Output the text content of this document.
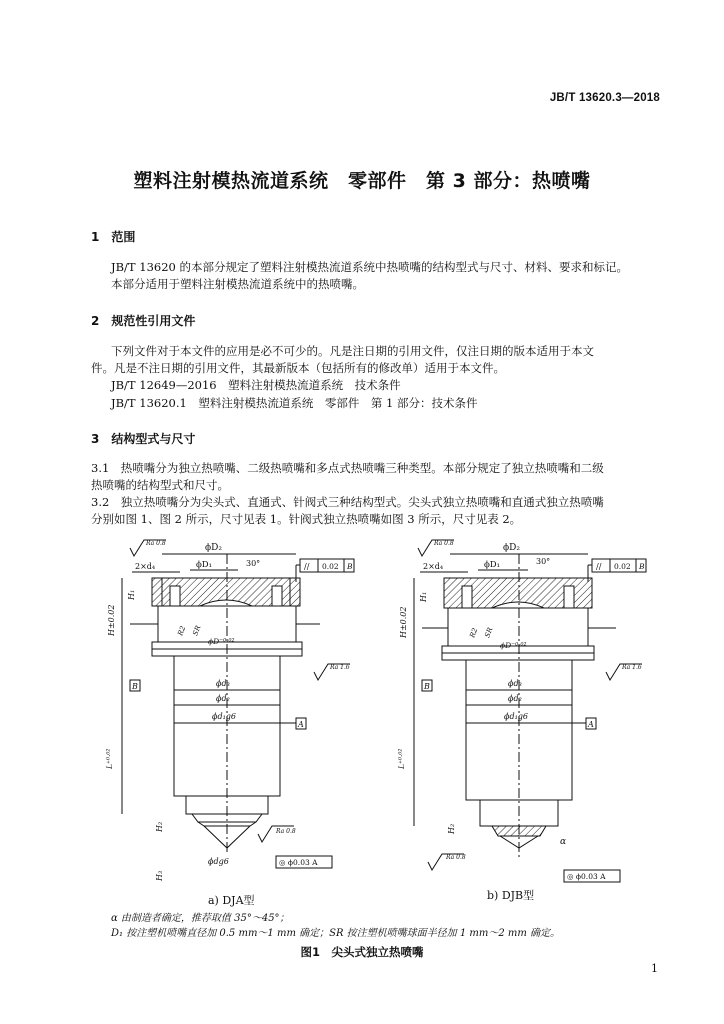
JB/T 13620.3—2018
塑料注射模热流道系统　零部件　第 3 部分：热喷嘴
1　范围
JB/T 13620 的本部分规定了塑料注射模热流道系统中热喷嘴的结构型式与尺寸、材料、要求和标记。
本部分适用于塑料注射模热流道系统中的热喷嘴。
2　规范性引用文件
下列文件对于本文件的应用是必不可少的。凡是注日期的引用文件，仅注日期的版本适用于本文
件。凡是不注日期的引用文件，其最新版本（包括所有的修改单）适用于本文件。
JB/T 12649—2016　塑料注射模热流道系统　技术条件
JB/T 13620.1　塑料注射模热流道系统　零部件　第 1 部分：技术条件
3　结构型式与尺寸
3.1　热喷嘴分为独立热喷嘴、二级热喷嘴和多点式热喷嘴三种类型。本部分规定了独立热喷嘴和二级
热喷嘴的结构型式和尺寸。
3.2　独立热喷嘴分为尖头式、直通式、针阀式三种结构型式。尖头式独立热喷嘴和直通式独立热喷嘴
分别如图 1、图 2 所示，尺寸见表 1。针阀式独立热喷嘴如图 3 所示，尺寸见表 2。
Ra 0.8	ϕD₂
2×d₄	ϕD₁	30°	// 0.02 B
H±0.02
H₁
ϕD⁻⁰·⁰²
R2 SR
Ra 1.6
B	ϕd₃
ϕd₂
ϕd₁g6
A
L⁺⁰·⁰²
H₂	Ra 0.8
ϕdg6	◎ ϕ0.03 A
H₃
Ra 0.8	ϕD₂
2×d₄	ϕD₁	30°
// 0.02 B
H±0.02
H₁
ϕD⁻⁰·⁰²
R2 SR
Ra 1.6
B	ϕd₃
ϕd₂
ϕd₁g6
A
L⁺⁰·⁰²
H₂
α
Ra 0.8
◎ ϕ0.03 A
a) DJA型	b) DJB型
α 由制造者确定，推荐取值 35°～45°；
D₁ 按注塑机喷嘴直径加 0.5 mm～1 mm 确定；SR 按注塑机喷嘴球面半径加 1 mm～2 mm 确定。
图1　尖头式独立热喷嘴
1
